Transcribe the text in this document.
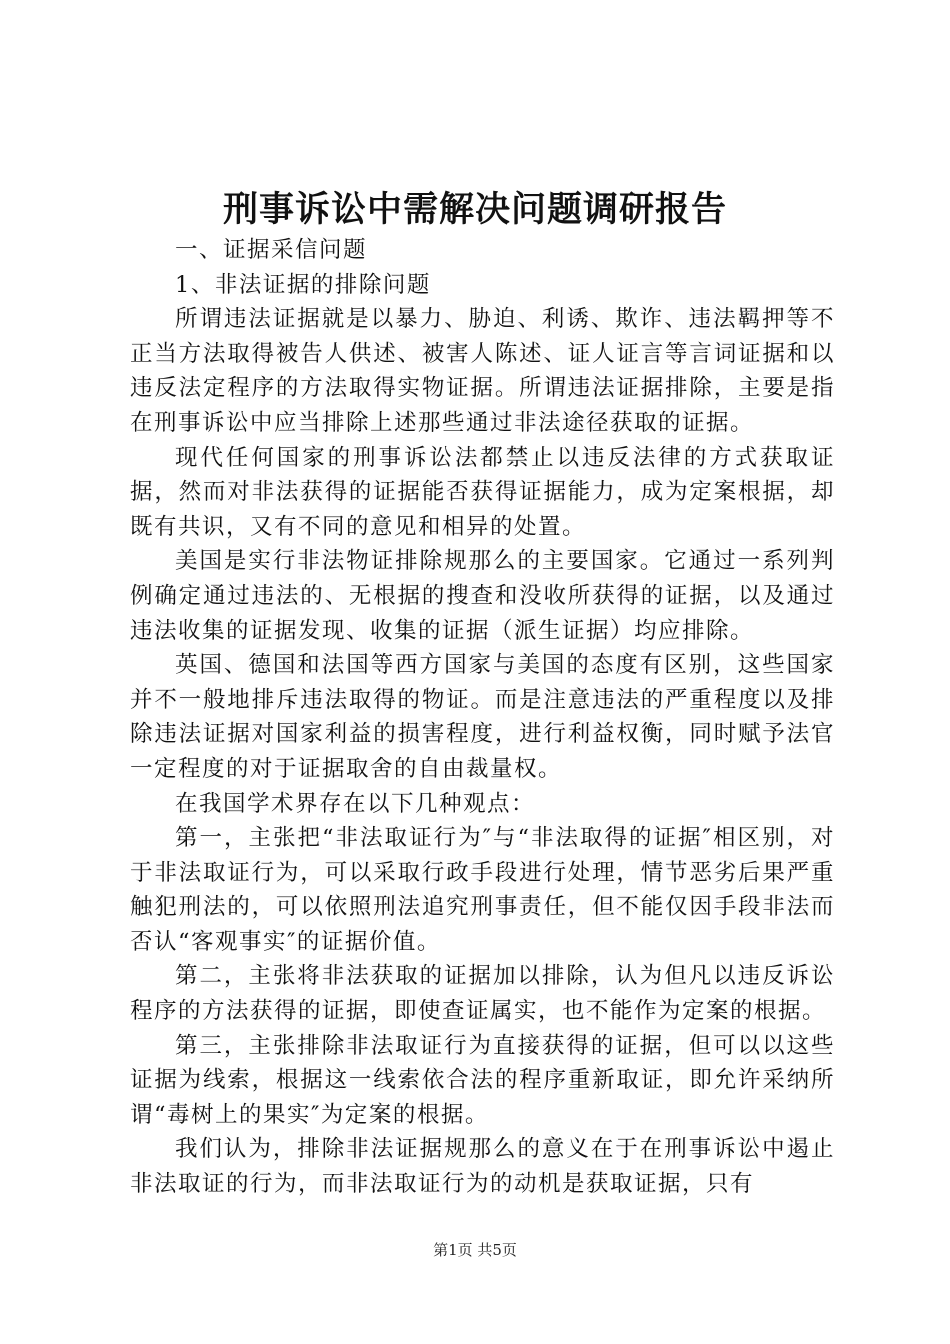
刑事诉讼中需解决问题调研报告

一、证据采信问题

1、非法证据的排除问题

所谓违法证据就是以暴力、胁迫、利诱、欺诈、违法羁押等不正当方法取得被告人供述、被害人陈述、证人证言等言词证据和以违反法定程序的方法取得实物证据。所谓违法证据排除，主要是指在刑事诉讼中应当排除上述那些通过非法途径获取的证据。

现代任何国家的刑事诉讼法都禁止以违反法律的方式获取证据，然而对非法获得的证据能否获得证据能力，成为定案根据，却既有共识，又有不同的意见和相异的处置。

美国是实行非法物证排除规那么的主要国家。它通过一系列判例确定通过违法的、无根据的搜查和没收所获得的证据，以及通过违法收集的证据发现、收集的证据（派生证据）均应排除。

英国、德国和法国等西方国家与美国的态度有区别，这些国家并不一般地排斥违法取得的物证。而是注意违法的严重程度以及排除违法证据对国家利益的损害程度，进行利益权衡，同时赋予法官一定程度的对于证据取舍的自由裁量权。

在我国学术界存在以下几种观点：

第一，主张把“非法取证行为″与“非法取得的证据″相区别，对于非法取证行为，可以采取行政手段进行处理，情节恶劣后果严重触犯刑法的，可以依照刑法追究刑事责任，但不能仅因手段非法而否认“客观事实″的证据价值。

第二，主张将非法获取的证据加以排除，认为但凡以违反诉讼程序的方法获得的证据，即使查证属实，也不能作为定案的根据。

第三，主张排除非法取证行为直接获得的证据，但可以以这些证据为线索，根据这一线索依合法的程序重新取证，即允许采纳所谓“毒树上的果实″为定案的根据。

我们认为，排除非法证据规那么的意义在于在刑事诉讼中遏止非法取证的行为，而非法取证行为的动机是获取证据，只有

第1页 共5页
